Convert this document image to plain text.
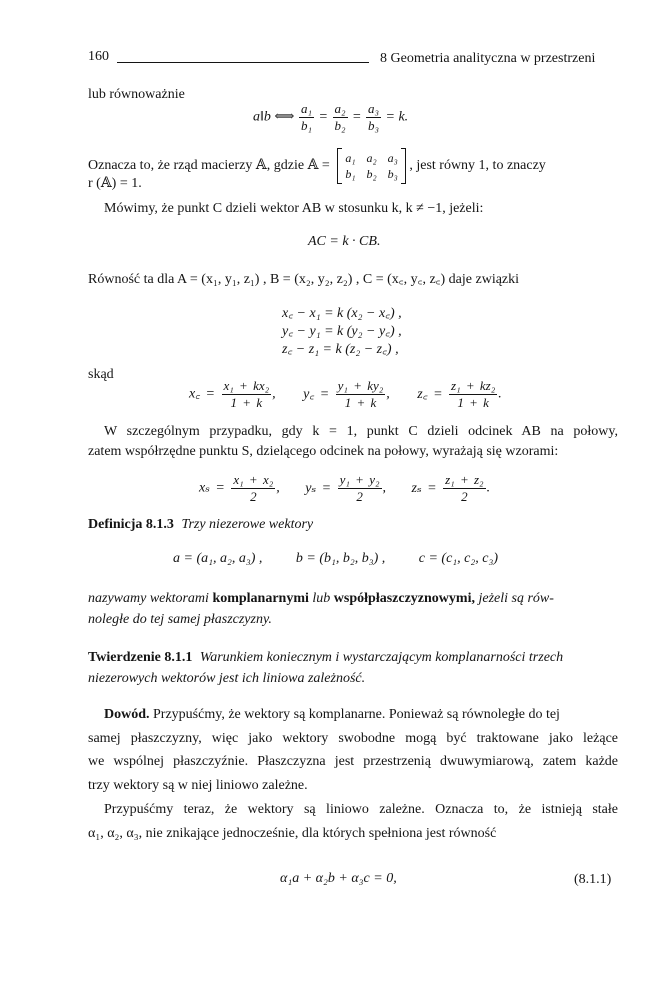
160	8 Geometria analityczna w przestrzeni
lub równoważnie
a‖b ⟺ $\frac{\text{a₁}}{\text{b₁}} = \frac{\text{a₂}}{\text{b₂}} = \frac{\text{a₃}}{\text{b₃}} = k$.
Oznacza to, że rząd macierzy 𝔸, gdzie 𝔸 =
a₁ a₂ a₃
b₁ b₂ b₃
, jest równy 1, to znaczy
r (𝔸) = 1.
Mówimy, że punkt C dzieli wektor AB w stosunku k, k ≠ −1, jeżeli:
AC = k · CB.
Równość ta dla A = (x₁, y₁, z₁) , B = (x₂, y₂, z₂) , C = (x꜀, y꜀, z꜀) daje związki
x꜀ − x₁ = k (x₂ − x꜀) ,
y꜀ − y₁ = k (y₂ − y꜀) ,
z꜀ − z₁ = k (z₂ − z꜀) ,
skąd
x꜀ = $\frac{\text{x₁ + kx₂}}{1 + k}$ , y꜀ = $\frac{\text{y₁ + ky₂}}{1 + k}$ , z꜀ = $\frac{\text{z₁ + kz₂}}{1 + k}$ .
W szczególnym przypadku, gdy k = 1, punkt C dzieli odcinek AB na połowy,
zatem współrzędne punktu S, dzielącego odcinek na połowy, wyrażają się wzorami:
$x_s = \frac{\text{x₁ + x₂}}{2}$ , $y_s = \frac{\text{y₁ + y₂}}{2}$ , $z_s = \frac{\text{z₁ + z₂}}{2}$ .
Definicja 8.1.3 Trzy niezerowe wektory
a = (a₁, a₂, a₃) , b = (b₁, b₂, b₃) , c = (c₁, c₂, c₃)
nazywamy wektorami komplanarnymi lub współpłaszczyznowymi, jeżeli są rów-
noległe do tej samej płaszczyzny.
Twierdzenie 8.1.1 Warunkiem koniecznym i wystarczającym komplanarności trzech
niezerowych wektorów jest ich liniowa zależność.
Dowód. Przypuśćmy, że wektory są komplanarne. Ponieważ są równoległe do tej
samej płaszczyzny, więc jako wektory swobodne mogą być traktowane jako leżące
we wspólnej płaszczyźnie. Płaszczyzna jest przestrzenią dwuwymiarową, zatem każde
trzy wektory są w niej liniowo zależne.
Przypuśćmy teraz, że wektory są liniowo zależne. Oznacza to, że istnieją stałe
α₁, α₂, α₃, nie znikające jednocześnie, dla których spełniona jest równość
α₁a + α₂b + α₃c = 0,	(8.1.1)
